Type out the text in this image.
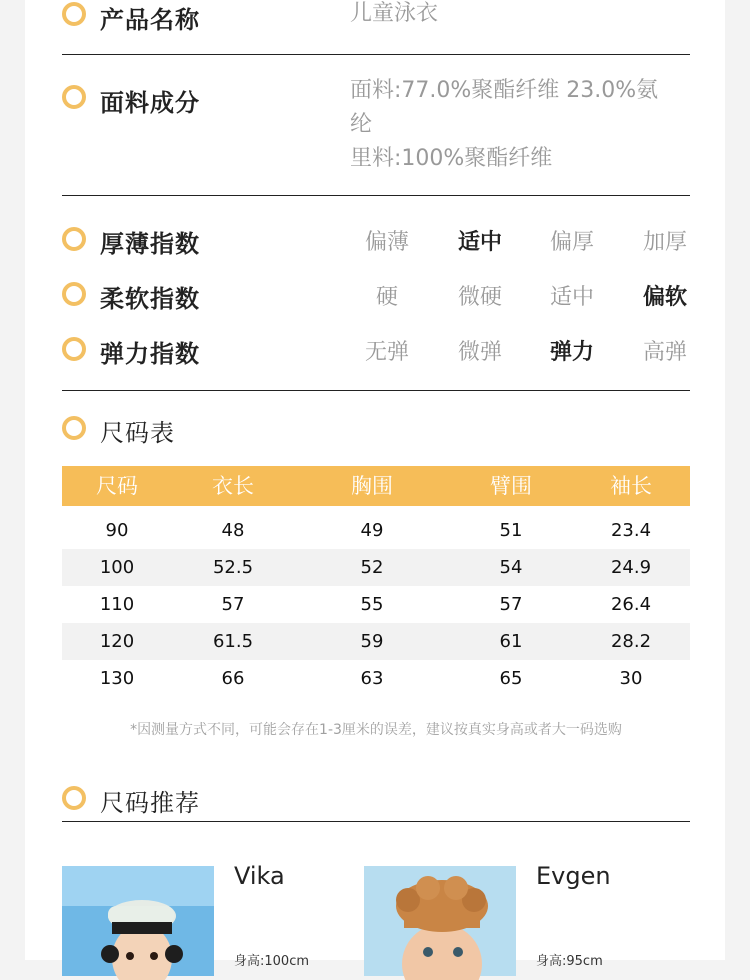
产品名称	儿童泳衣
面料成分	面料:77.0%聚酯纤维 23.0%氨
纶
里料:100%聚酯纤维
厚薄指数	偏薄	适中	偏厚	加厚
柔软指数	硬	微硬	适中	偏软
弹力指数	无弹	微弹	弹力	高弹
尺码表
尺码	衣长	胸围	臂围	袖长
90	48	49	51	23.4
100	52.5	52	54	24.9
110	57	55	57	26.4
120	61.5	59	61	28.2
130	66	63	65	30
*因测量方式不同，可能会存在1-3厘米的误差，建议按真实身高或者大一码选购
尺码推荐
Vika
身高:100cm
Evgen
身高:95cm
